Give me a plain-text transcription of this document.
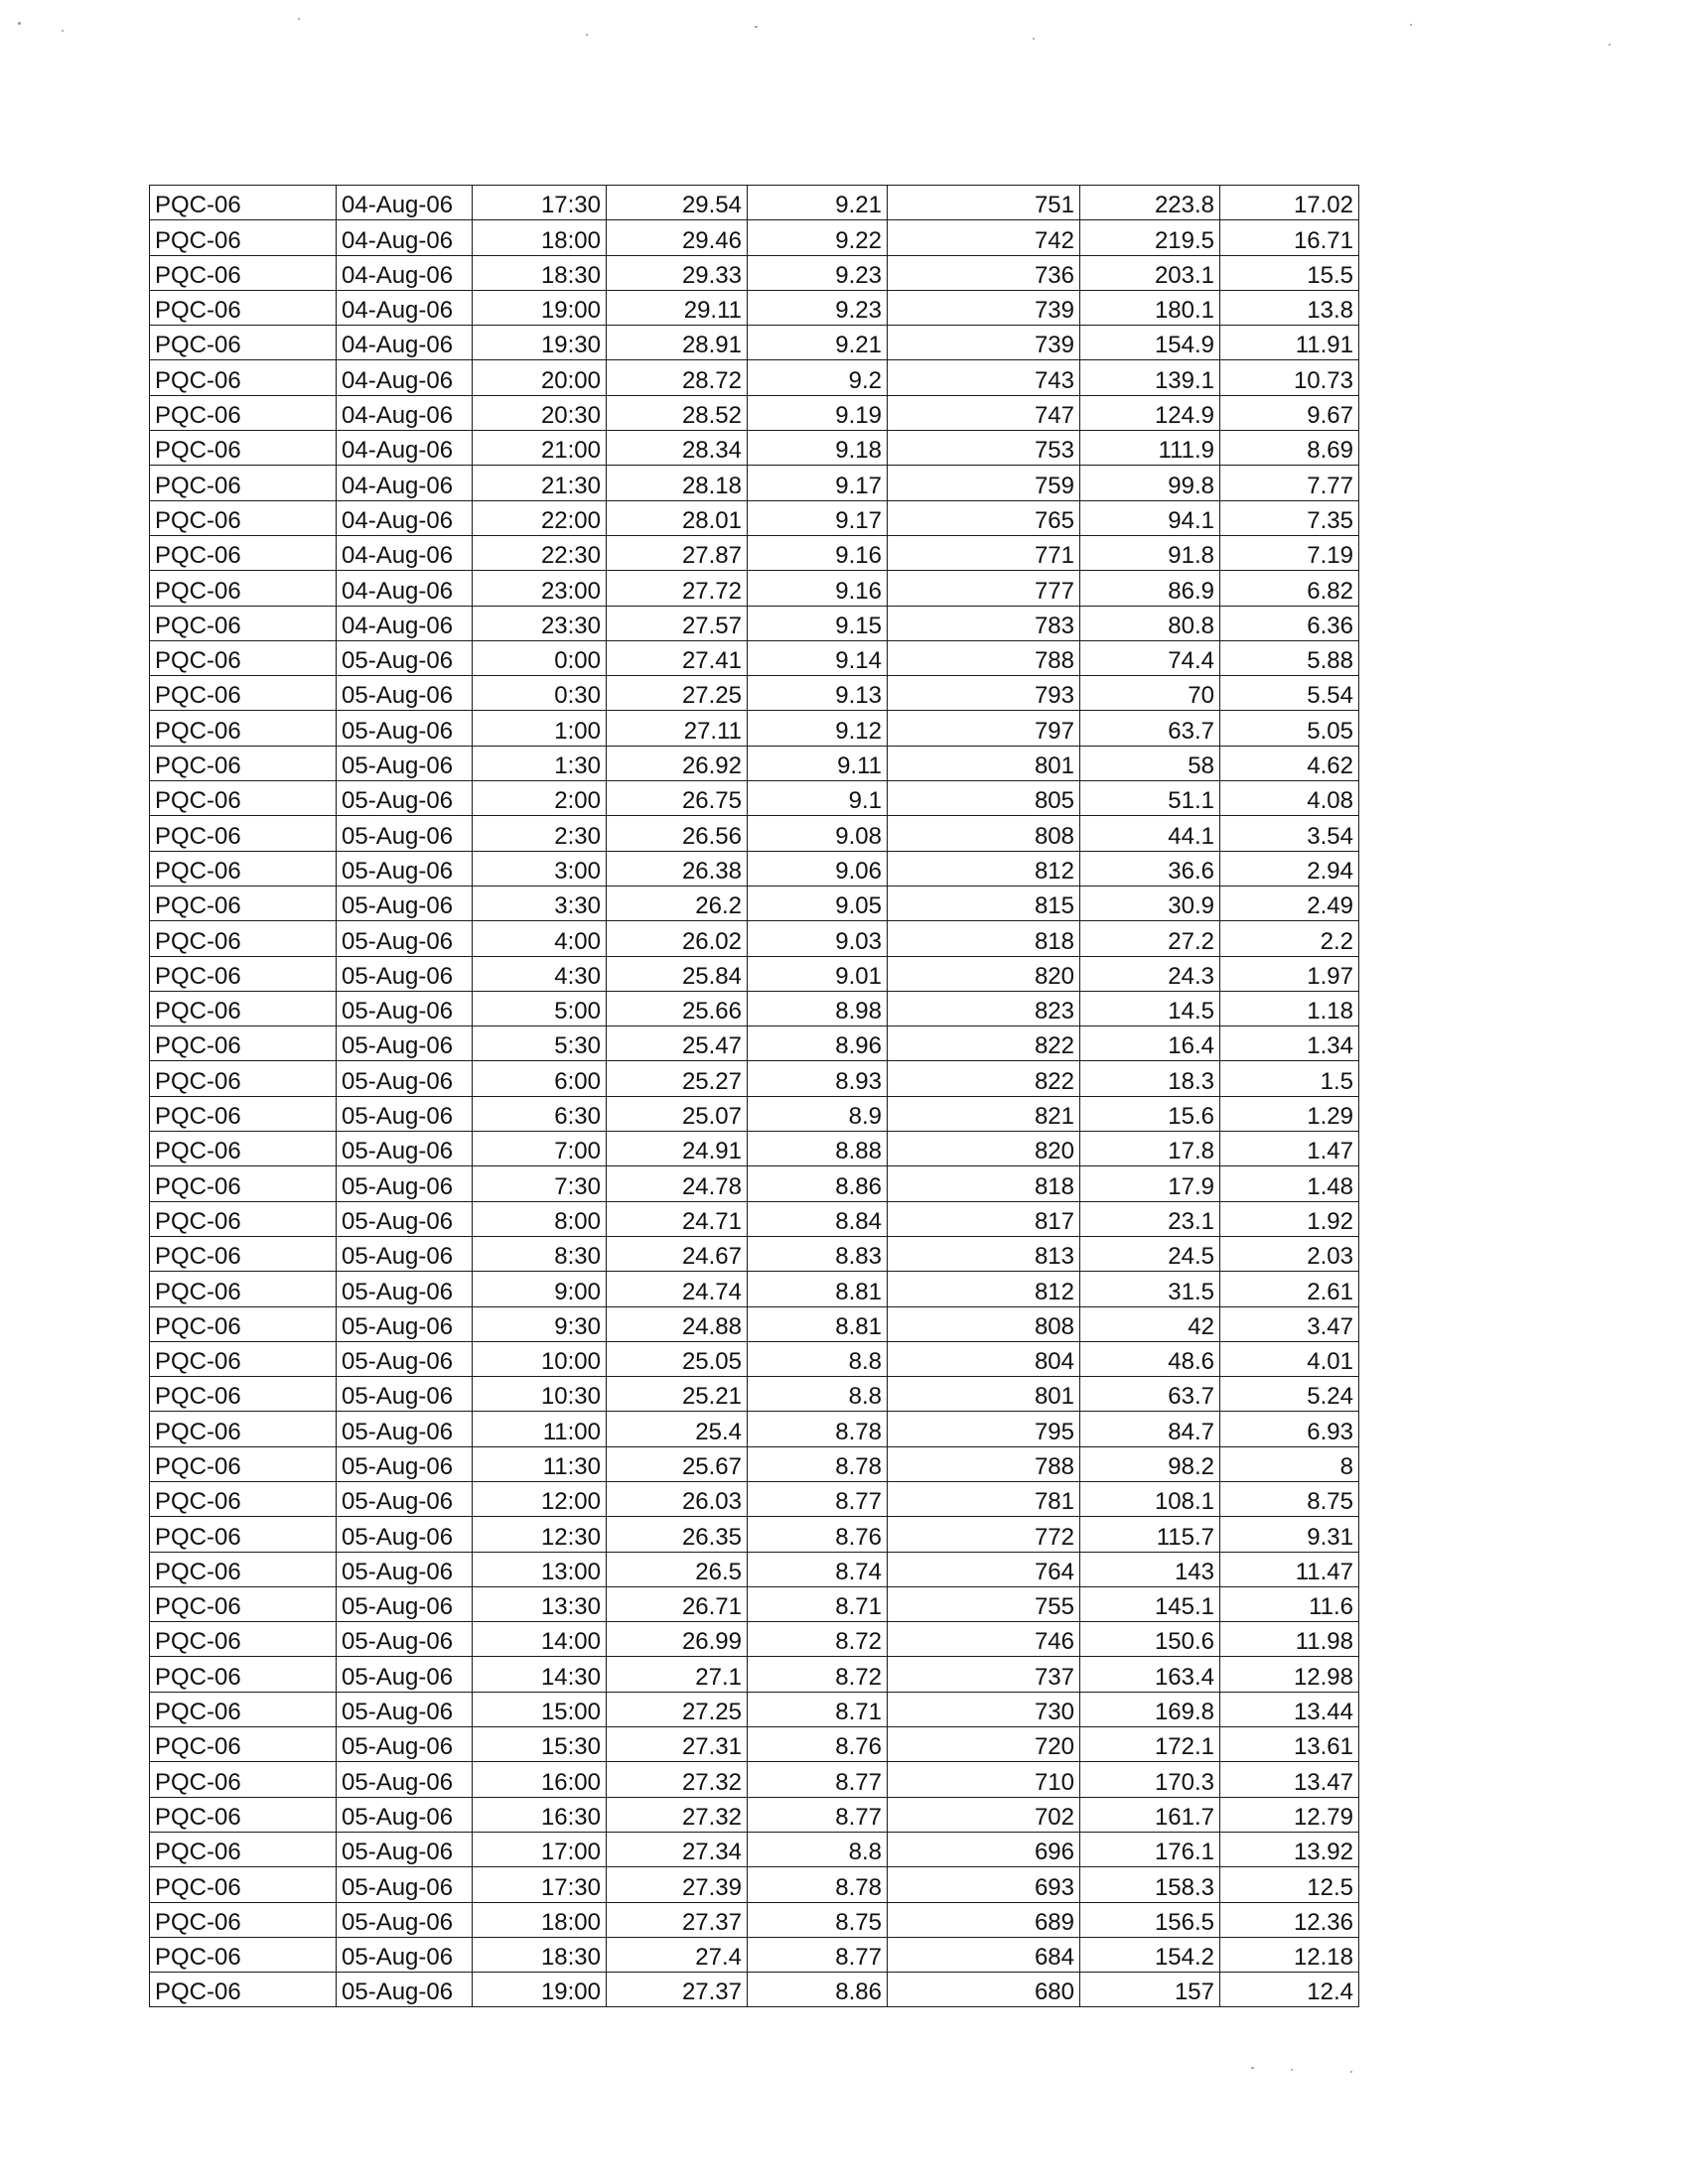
PQC-06	04-Aug-06	17:30	29.54	9.21	751	223.8	17.02
PQC-06	04-Aug-06	18:00	29.46	9.22	742	219.5	16.71
PQC-06	04-Aug-06	18:30	29.33	9.23	736	203.1	15.5
PQC-06	04-Aug-06	19:00	29.11	9.23	739	180.1	13.8
PQC-06	04-Aug-06	19:30	28.91	9.21	739	154.9	11.91
PQC-06	04-Aug-06	20:00	28.72	9.2	743	139.1	10.73
PQC-06	04-Aug-06	20:30	28.52	9.19	747	124.9	9.67
PQC-06	04-Aug-06	21:00	28.34	9.18	753	111.9	8.69
PQC-06	04-Aug-06	21:30	28.18	9.17	759	99.8	7.77
PQC-06	04-Aug-06	22:00	28.01	9.17	765	94.1	7.35
PQC-06	04-Aug-06	22:30	27.87	9.16	771	91.8	7.19
PQC-06	04-Aug-06	23:00	27.72	9.16	777	86.9	6.82
PQC-06	04-Aug-06	23:30	27.57	9.15	783	80.8	6.36
PQC-06	05-Aug-06	0:00	27.41	9.14	788	74.4	5.88
PQC-06	05-Aug-06	0:30	27.25	9.13	793	70	5.54
PQC-06	05-Aug-06	1:00	27.11	9.12	797	63.7	5.05
PQC-06	05-Aug-06	1:30	26.92	9.11	801	58	4.62
PQC-06	05-Aug-06	2:00	26.75	9.1	805	51.1	4.08
PQC-06	05-Aug-06	2:30	26.56	9.08	808	44.1	3.54
PQC-06	05-Aug-06	3:00	26.38	9.06	812	36.6	2.94
PQC-06	05-Aug-06	3:30	26.2	9.05	815	30.9	2.49
PQC-06	05-Aug-06	4:00	26.02	9.03	818	27.2	2.2
PQC-06	05-Aug-06	4:30	25.84	9.01	820	24.3	1.97
PQC-06	05-Aug-06	5:00	25.66	8.98	823	14.5	1.18
PQC-06	05-Aug-06	5:30	25.47	8.96	822	16.4	1.34
PQC-06	05-Aug-06	6:00	25.27	8.93	822	18.3	1.5
PQC-06	05-Aug-06	6:30	25.07	8.9	821	15.6	1.29
PQC-06	05-Aug-06	7:00	24.91	8.88	820	17.8	1.47
PQC-06	05-Aug-06	7:30	24.78	8.86	818	17.9	1.48
PQC-06	05-Aug-06	8:00	24.71	8.84	817	23.1	1.92
PQC-06	05-Aug-06	8:30	24.67	8.83	813	24.5	2.03
PQC-06	05-Aug-06	9:00	24.74	8.81	812	31.5	2.61
PQC-06	05-Aug-06	9:30	24.88	8.81	808	42	3.47
PQC-06	05-Aug-06	10:00	25.05	8.8	804	48.6	4.01
PQC-06	05-Aug-06	10:30	25.21	8.8	801	63.7	5.24
PQC-06	05-Aug-06	11:00	25.4	8.78	795	84.7	6.93
PQC-06	05-Aug-06	11:30	25.67	8.78	788	98.2	8
PQC-06	05-Aug-06	12:00	26.03	8.77	781	108.1	8.75
PQC-06	05-Aug-06	12:30	26.35	8.76	772	115.7	9.31
PQC-06	05-Aug-06	13:00	26.5	8.74	764	143	11.47
PQC-06	05-Aug-06	13:30	26.71	8.71	755	145.1	11.6
PQC-06	05-Aug-06	14:00	26.99	8.72	746	150.6	11.98
PQC-06	05-Aug-06	14:30	27.1	8.72	737	163.4	12.98
PQC-06	05-Aug-06	15:00	27.25	8.71	730	169.8	13.44
PQC-06	05-Aug-06	15:30	27.31	8.76	720	172.1	13.61
PQC-06	05-Aug-06	16:00	27.32	8.77	710	170.3	13.47
PQC-06	05-Aug-06	16:30	27.32	8.77	702	161.7	12.79
PQC-06	05-Aug-06	17:00	27.34	8.8	696	176.1	13.92
PQC-06	05-Aug-06	17:30	27.39	8.78	693	158.3	12.5
PQC-06	05-Aug-06	18:00	27.37	8.75	689	156.5	12.36
PQC-06	05-Aug-06	18:30	27.4	8.77	684	154.2	12.18
PQC-06	05-Aug-06	19:00	27.37	8.86	680	157	12.4
